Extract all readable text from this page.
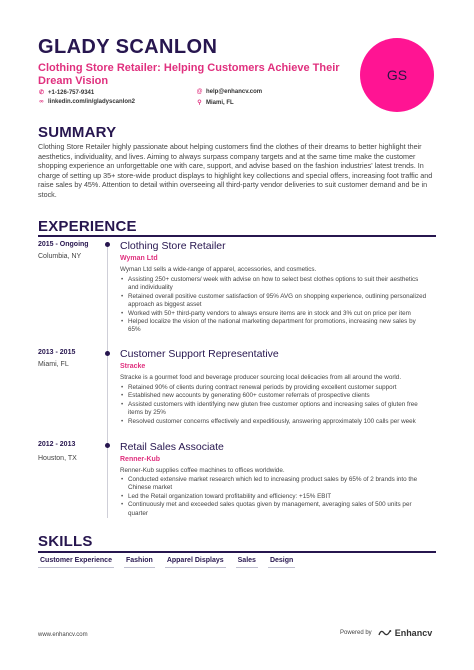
GLADY SCANLON
Clothing Store Retailer: Helping Customers Achieve Their Dream Vision
✆ +1-126-757-9341	@ help@enhancv.com
∞ linkedin.com/in/gladyscanlon2	⚲ Miami, FL
GS
SUMMARY
Clothing Store Retailer highly passionate about helping customers find the clothes of their dreams to better highlight their aesthetics, individuality, and lives. Aiming to always surpass company targets and at the same time make the customer shopping experience an unforgettable one with care, support, and advise based on the fashion industries' latest trends. In charge of setting up 35+ store-wide product displays to highlight key collections and special offers, increasing foot traffic and raise sales by 45%. Attention to detail within overseeing all third-party vendor deliveries to suit customer demand and be in stock.
EXPERIENCE
2015 - Ongoing
Columbia, NY
Clothing Store Retailer
Wyman Ltd
Wyman Ltd sells a wide-range of apparel, accessories, and cosmetics.
• Assisting 250+ customers/ week with advise on how to select best clothes options to suit their aesthetics and individuality
• Retained overall positive customer satisfaction of 95% AVG on shopping experience, outlining personalized approach as biggest asset
• Worked with 50+ third-party vendors to always ensure items are in stock and 3% cut on price per item
• Helped localize the vision of the national marketing department for promotions, increasing new sales by 65%
2013 - 2015
Miami, FL
Customer Support Representative
Stracke
Stracke is a gourmet food and beverage producer sourcing local delicacies from all around the world.
• Retained 90% of clients during contract renewal periods by providing excellent customer support
• Established new accounts by generating 600+ customer referrals of prospective clients
• Assisted customers with identifying new gluten free customer options and increasing sales of gluten free items by 25%
• Resolved customer concerns effectively and expeditiously, answering approximately 100 calls per week
2012 - 2013
Houston, TX
Retail Sales Associate
Renner-Kub
Renner-Kub supplies coffee machines to offices worldwide.
• Conducted extensive market research which led to increasing product sales by 65% of 2 brands into the Chinese market
• Led the Retail organization toward profitability and efficiency: +15% EBIT
• Continuously met and exceeded sales quotas given by management, averaging sales of 500 units per quarter
SKILLS
Customer Experience Fashion Apparel Displays Sales Design
www.enhancv.com	Powered by	Enhancv
